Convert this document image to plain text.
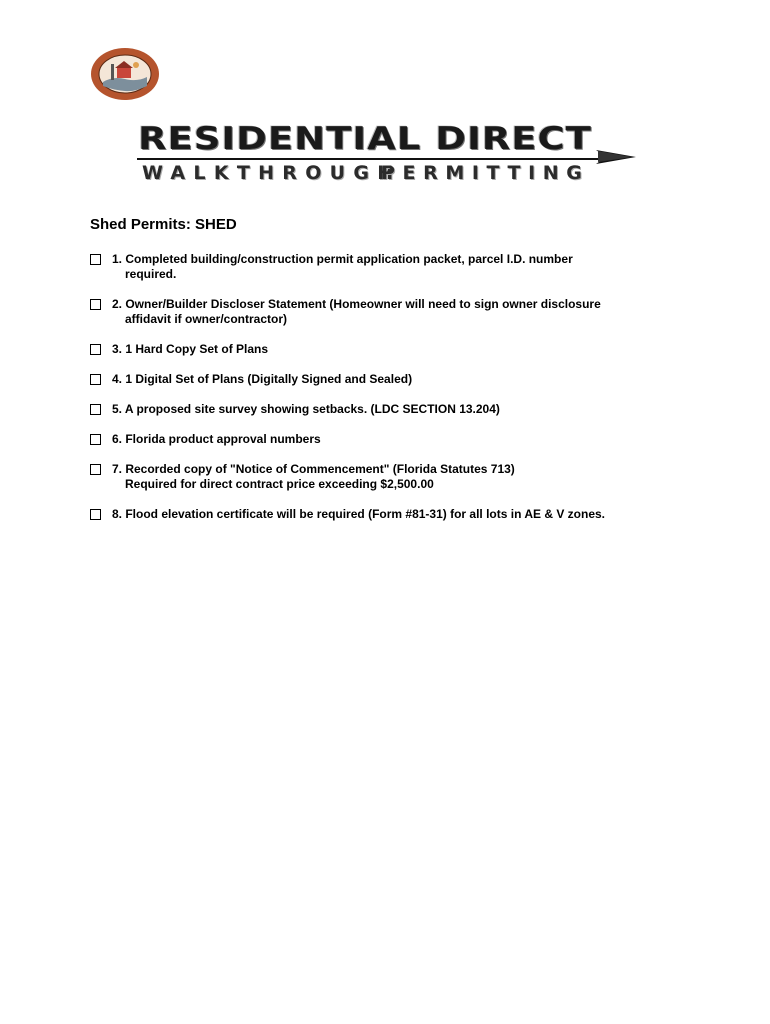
RESIDENTIAL DIRECT
WALKTHROUGH
PERMITTING
Shed Permits: SHED
1. Completed building/construction permit application packet, parcel I.D. number
required.
2. Owner/Builder Discloser Statement (Homeowner will need to sign owner disclosure
affidavit if owner/contractor)
3. 1 Hard Copy Set of Plans
4. 1 Digital Set of Plans (Digitally Signed and Sealed)
5. A proposed site survey showing setbacks. (LDC SECTION 13.204)
6. Florida product approval numbers
7. Recorded copy of "Notice of Commencement" (Florida Statutes 713)
Required for direct contract price exceeding $2,500.00
8. Flood elevation certificate will be required (Form #81-31) for all lots in AE & V zones.
